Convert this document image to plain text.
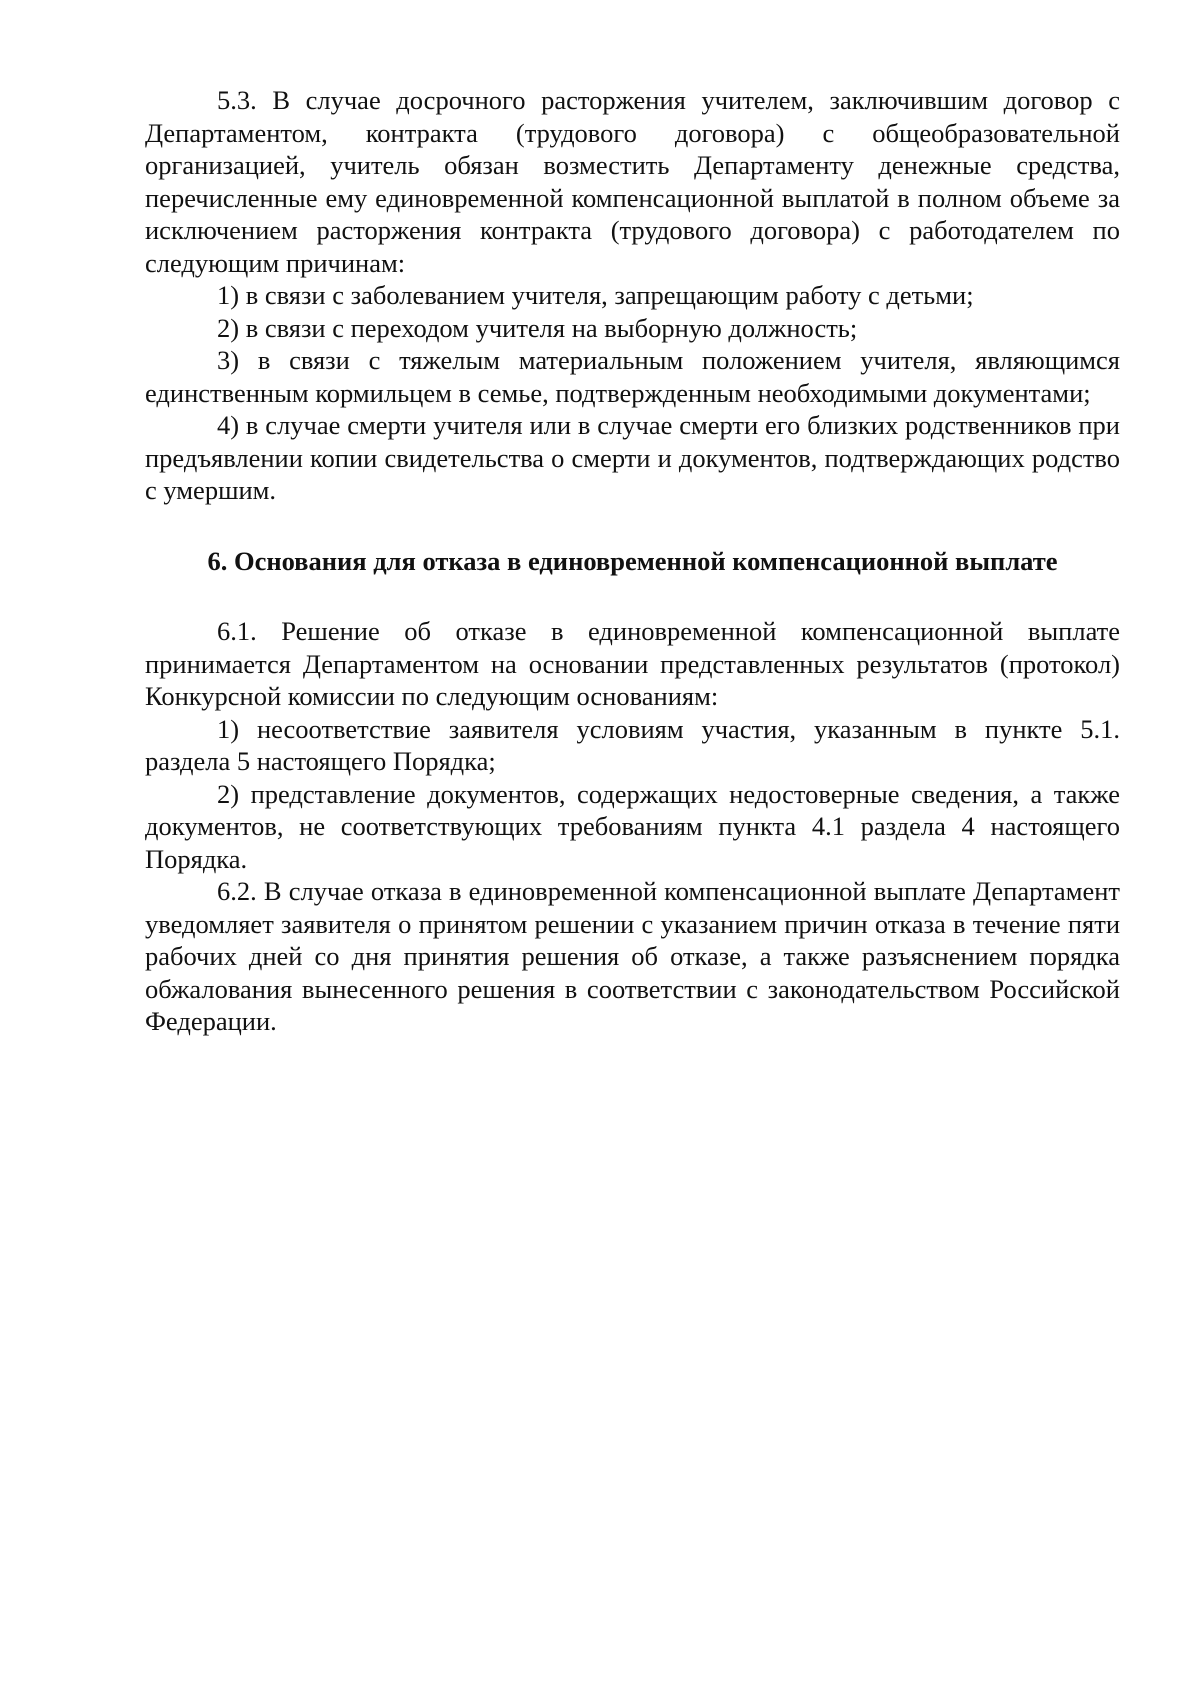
5.3. В случае досрочного расторжения учителем, заключившим договор с Департаментом, контракта (трудового договора) с общеобразовательной организацией, учитель обязан возместить Департаменту денежные средства, перечисленные ему единовременной компенсационной выплатой в полном объеме за исключением расторжения контракта (трудового договора) с работодателем по следующим причинам:

1) в связи с заболеванием учителя, запрещающим работу с детьми;

2) в связи с переходом учителя на выборную должность;

3) в связи с тяжелым материальным положением учителя, являющимся единственным кормильцем в семье, подтвержденным необходимыми документами;

4) в случае смерти учителя или в случае смерти его близких родственников при предъявлении копии свидетельства о смерти и документов, подтверждающих родство с умершим.

6. Основания для отказа в единовременной компенсационной выплате

6.1. Решение об отказе в единовременной компенсационной выплате принимается Департаментом на основании представленных результатов (протокол) Конкурсной комиссии по следующим основаниям:

1) несоответствие заявителя условиям участия, указанным в пункте 5.1. раздела 5 настоящего Порядка;

2) представление документов, содержащих недостоверные сведения, а также документов, не соответствующих требованиям пункта 4.1 раздела 4 настоящего Порядка.

6.2. В случае отказа в единовременной компенсационной выплате Департамент уведомляет заявителя о принятом решении с указанием причин отказа в течение пяти рабочих дней со дня принятия решения об отказе, а также разъяснением порядка обжалования вынесенного решения в соответствии с законодательством Российской Федерации.
